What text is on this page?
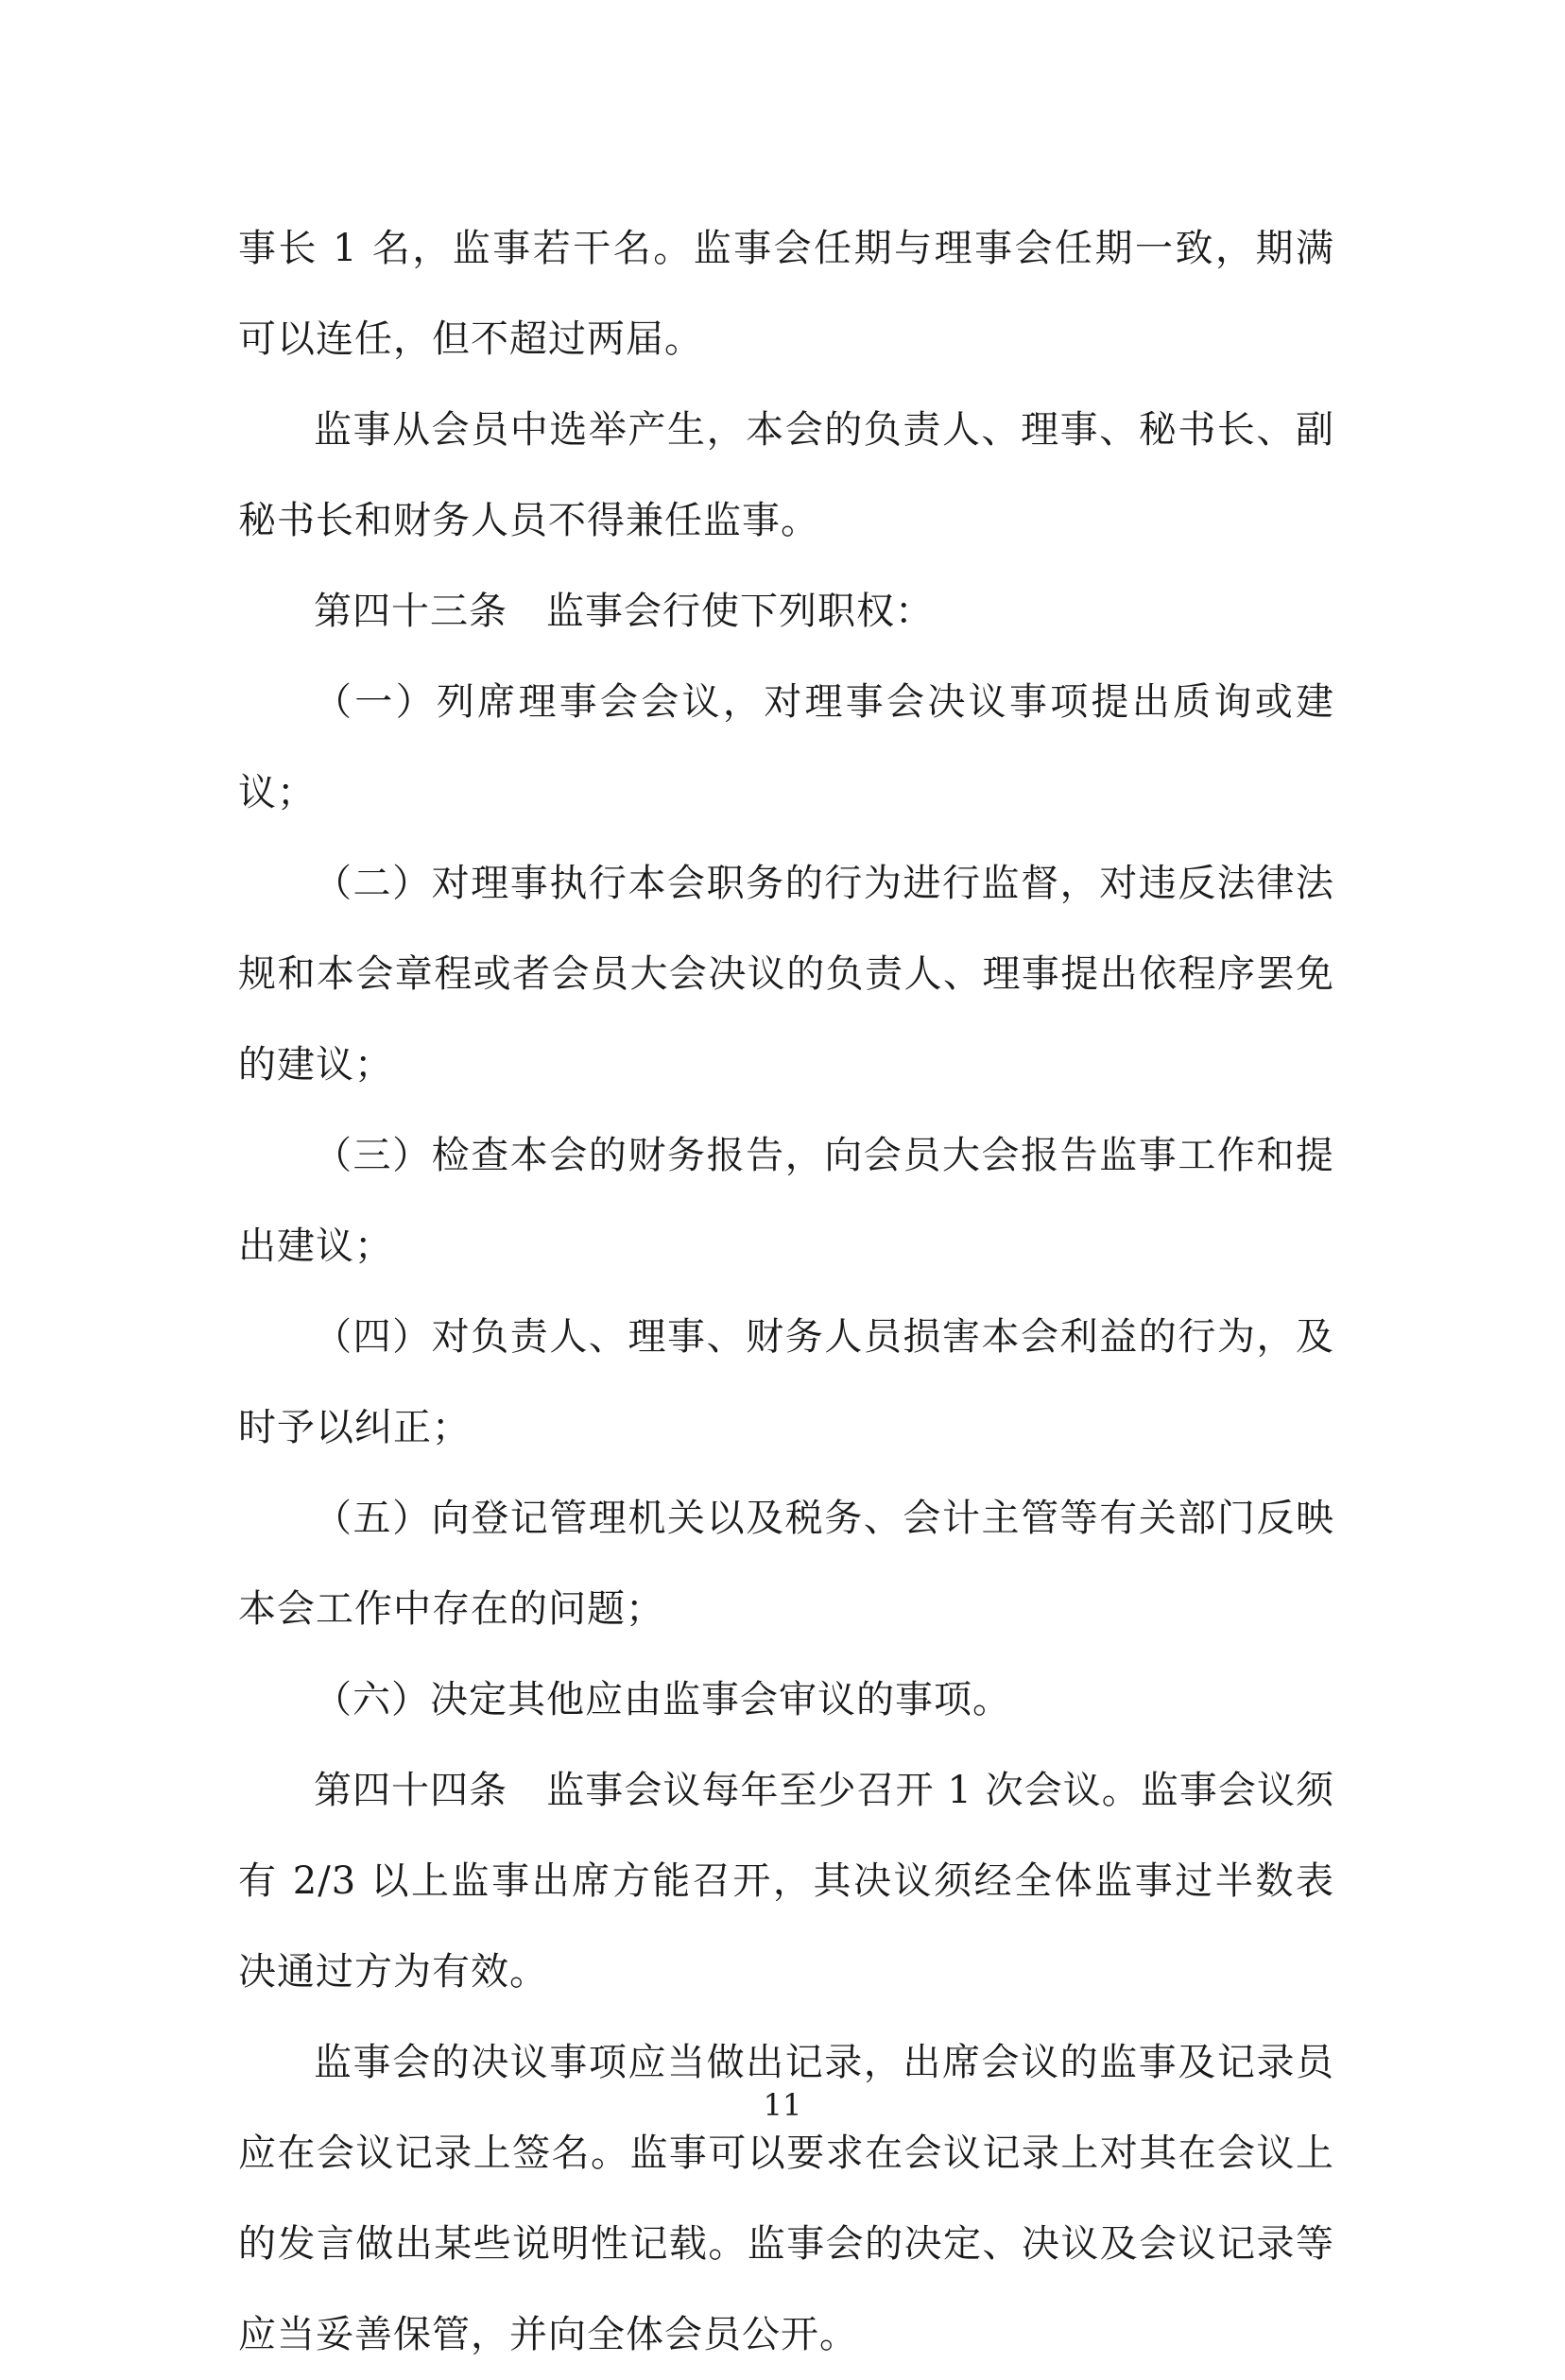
事长 1 名，监事若干名。监事会任期与理事会任期一致，期满可以连任，但不超过两届。

监事从会员中选举产生，本会的负责人、理事、秘书长、副秘书长和财务人员不得兼任监事。

第四十三条　监事会行使下列职权：

（一）列席理事会会议，对理事会决议事项提出质询或建议；

（二）对理事执行本会职务的行为进行监督，对违反法律法规和本会章程或者会员大会决议的负责人、理事提出依程序罢免的建议；

（三）检查本会的财务报告，向会员大会报告监事工作和提出建议；

（四）对负责人、理事、财务人员损害本会利益的行为，及时予以纠正；

（五）向登记管理机关以及税务、会计主管等有关部门反映本会工作中存在的问题；

（六）决定其他应由监事会审议的事项。

第四十四条　监事会议每年至少召开 1 次会议。监事会议须有 2/3 以上监事出席方能召开，其决议须经全体监事过半数表决通过方为有效。

监事会的决议事项应当做出记录，出席会议的监事及记录员应在会议记录上签名。监事可以要求在会议记录上对其在会议上的发言做出某些说明性记载。监事会的决定、决议及会议记录等应当妥善保管，并向全体会员公开。

11
